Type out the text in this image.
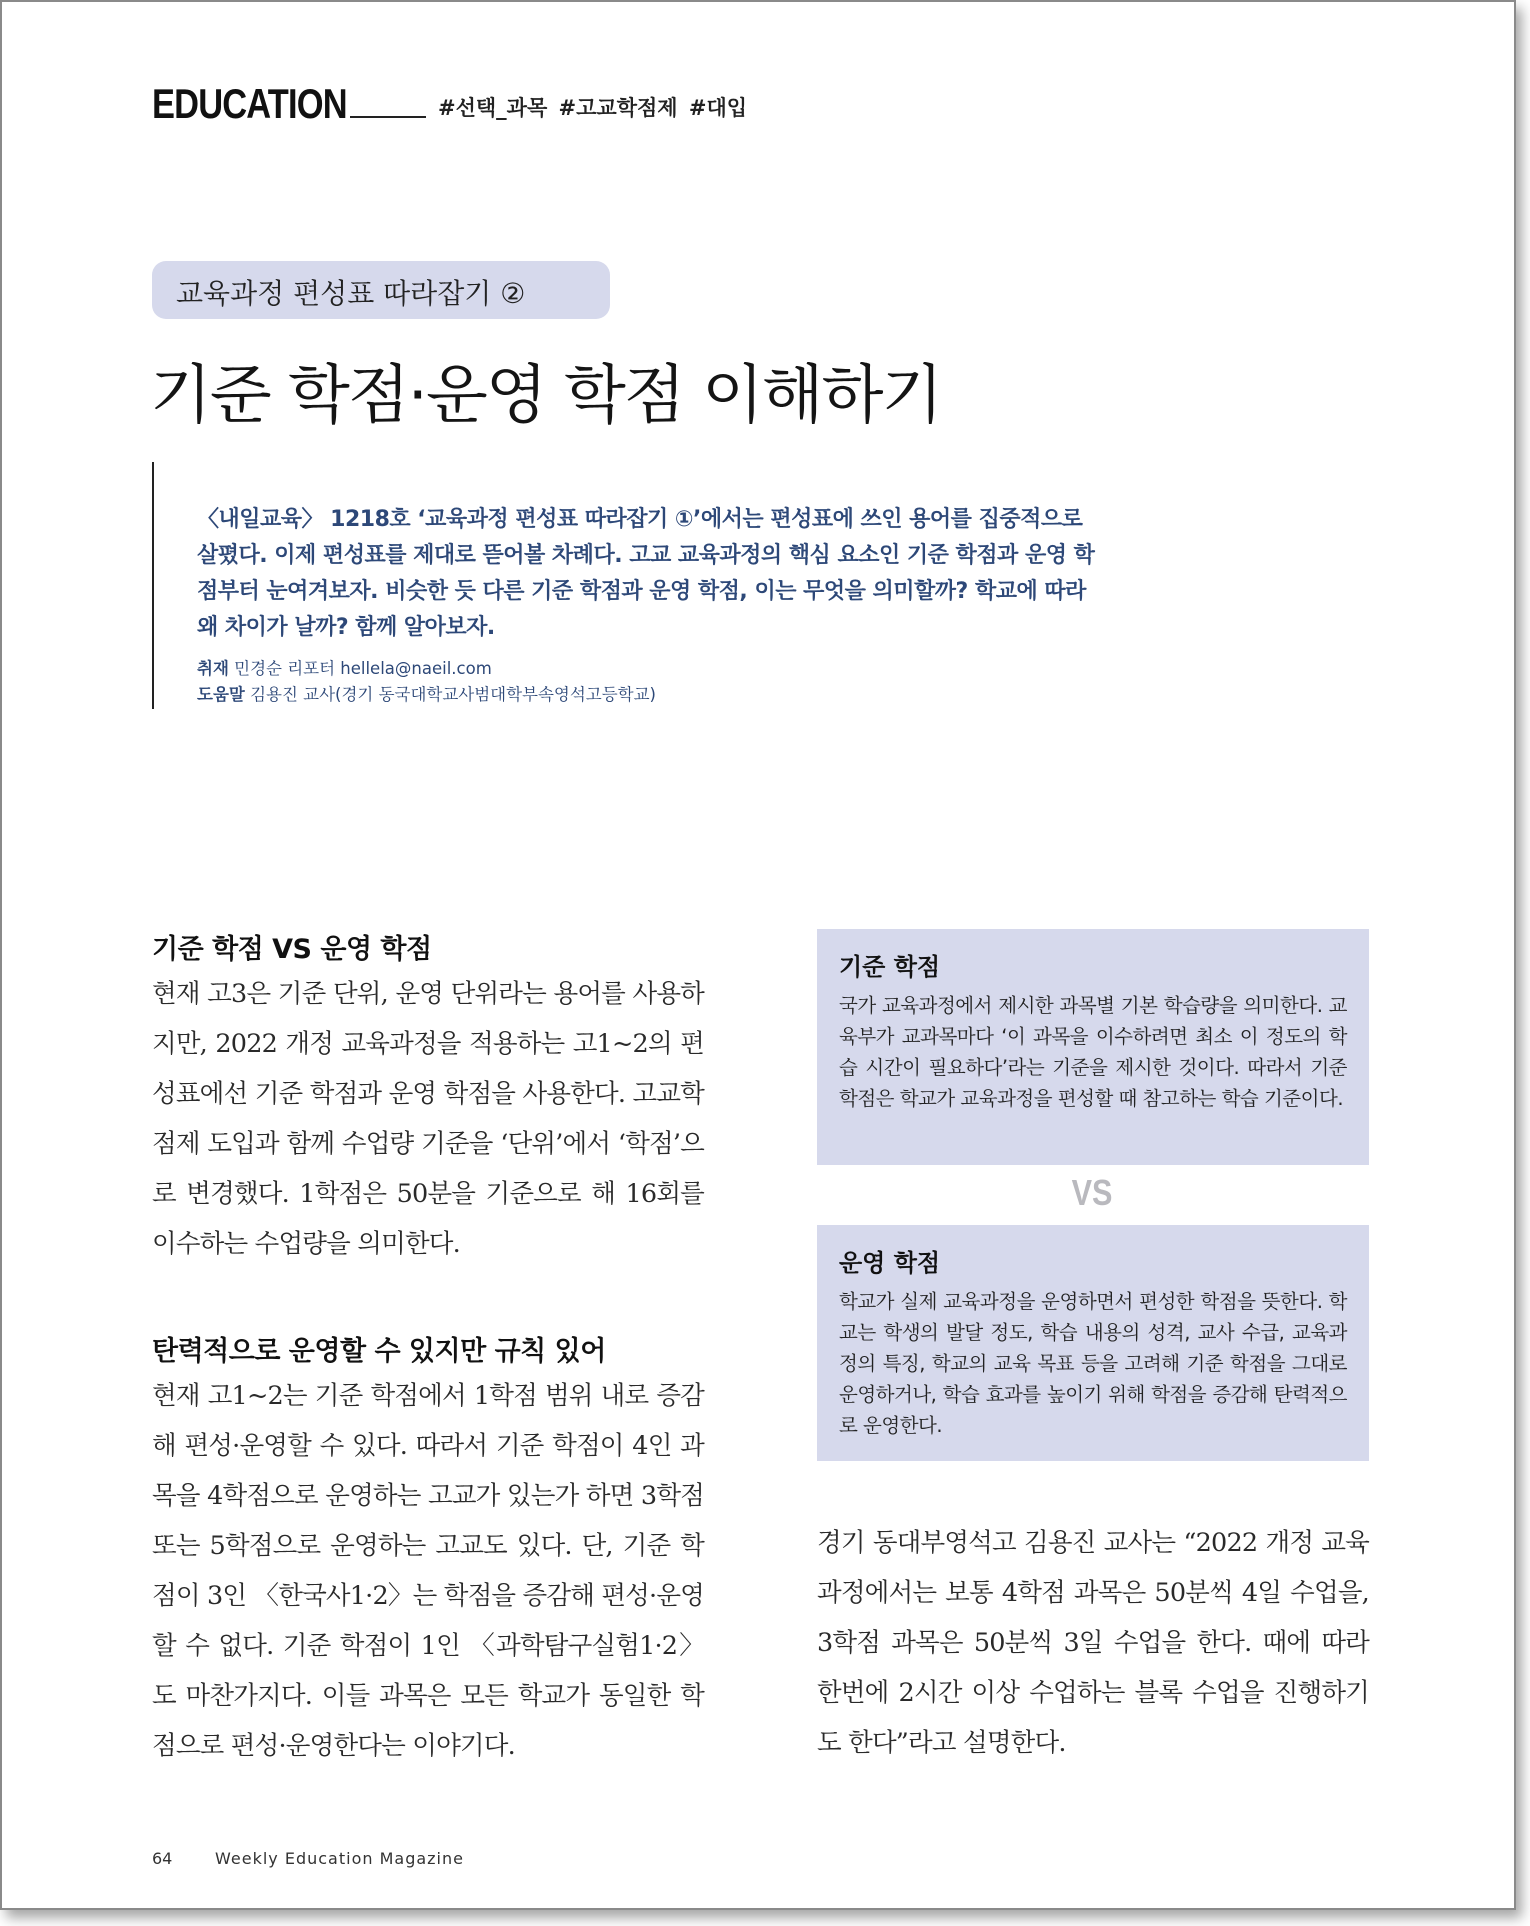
EDUCATION	#선택_과목 #고교학점제 #대입
교육과정 편성표 따라잡기 ②
기준 학점·운영 학점 이해하기
〈내일교육〉 1218호 ‘교육과정 편성표 따라잡기 ①’에서는 편성표에 쓰인 용어를 집중적으로 살폈다. 이제 편성표를 제대로 뜯어볼 차례다. 고교 교육과정의 핵심 요소인 기준 학점과 운영 학점부터 눈여겨보자. 비슷한 듯 다른 기준 학점과 운영 학점, 이는 무엇을 의미할까? 학교에 따라 왜 차이가 날까? 함께 알아보자.
취재 민경순 리포터 hellela@naeil.com
도움말 김용진 교사(경기 동국대학교사범대학부속영석고등학교)
기준 학점 VS 운영 학점
현재 고3은 기준 단위, 운영 단위라는 용어를 사용하지만, 2022 개정 교육과정을 적용하는 고1~2의 편성표에선 기준 학점과 운영 학점을 사용한다. 고교학점제 도입과 함께 수업량 기준을 ‘단위’에서 ‘학점’으로 변경했다. 1학점은 50분을 기준으로 해 16회를 이수하는 수업량을 의미한다.
탄력적으로 운영할 수 있지만 규칙 있어
현재 고1~2는 기준 학점에서 1학점 범위 내로 증감해 편성·운영할 수 있다. 따라서 기준 학점이 4인 과목을 4학점으로 운영하는 고교가 있는가 하면 3학점 또는 5학점으로 운영하는 고교도 있다. 단, 기준 학점이 3인 〈한국사1·2〉는 학점을 증감해 편성·운영할 수 없다. 기준 학점이 1인 〈과학탐구실험1·2〉도 마찬가지다. 이들 과목은 모든 학교가 동일한 학점으로 편성·운영한다는 이야기다.
기준 학점
국가 교육과정에서 제시한 과목별 기본 학습량을 의미한다. 교육부가 교과목마다 ‘이 과목을 이수하려면 최소 이 정도의 학습 시간이 필요하다’라는 기준을 제시한 것이다. 따라서 기준 학점은 학교가 교육과정을 편성할 때 참고하는 학습 기준이다.
VS
운영 학점
학교가 실제 교육과정을 운영하면서 편성한 학점을 뜻한다. 학교는 학생의 발달 정도, 학습 내용의 성격, 교사 수급, 교육과정의 특징, 학교의 교육 목표 등을 고려해 기준 학점을 그대로 운영하거나, 학습 효과를 높이기 위해 학점을 증감해 탄력적으로 운영한다.
경기 동대부영석고 김용진 교사는 “2022 개정 교육과정에서는 보통 4학점 과목은 50분씩 4일 수업을, 3학점 과목은 50분씩 3일 수업을 한다. 때에 따라 한번에 2시간 이상 수업하는 블록 수업을 진행하기도 한다”라고 설명한다.
64	Weekly Education Magazine
